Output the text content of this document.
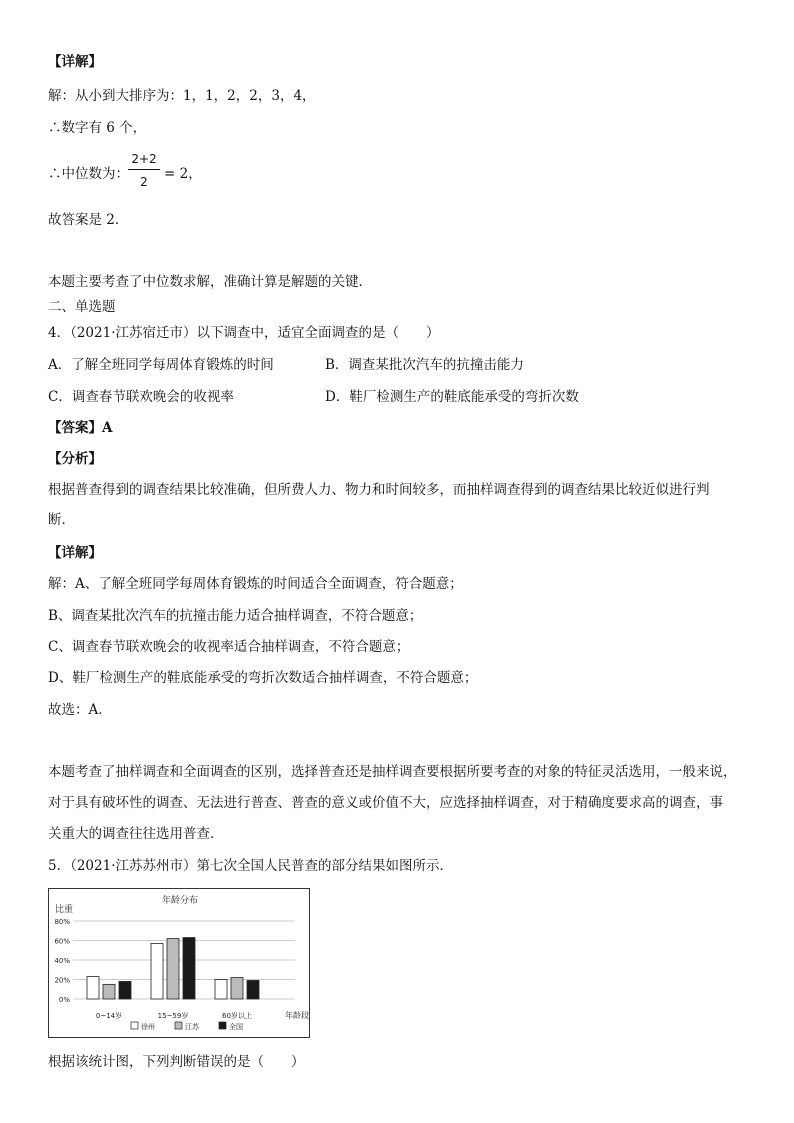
【详解】
解：从小到大排序为：1，1，2，2，3，4，
∴数字有 6 个，
∴中位数为：
2+2
2	= 2，
故答案是 2．
本题主要考查了中位数求解，准确计算是解题的关键．
二、单选题
4．（2021·江苏宿迁市）以下调查中，适宜全面调查的是（　　）
A．了解全班同学每周体育锻炼的时间	B．调查某批次汽车的抗撞击能力
C．调查春节联欢晚会的收视率	D．鞋厂检测生产的鞋底能承受的弯折次数
【答案】A
【分析】
根据普查得到的调查结果比较准确，但所费人力、物力和时间较多，而抽样调查得到的调查结果比较近似进行判
断．
【详解】
解：A、了解全班同学每周体育锻炼的时间适合全面调查，符合题意；
B、调查某批次汽车的抗撞击能力适合抽样调查，不符合题意；
C、调查春节联欢晚会的收视率适合抽样调查，不符合题意；
D、鞋厂检测生产的鞋底能承受的弯折次数适合抽样调查，不符合题意；
故选：A．
本题考查了抽样调查和全面调查的区别，选择普查还是抽样调查要根据所要考查的对象的特征灵活选用，一般来说，
对于具有破坏性的调查、无法进行普查、普查的意义或价值不大，应选择抽样调查，对于精确度要求高的调查，事
关重大的调查往往选用普查．
5．（2021·江苏苏州市）第七次全国人民普查的部分结果如图所示．
年龄分布
比重
年龄段
0%
20%
40%
60%
80%
0~14岁	15~59岁	60岁以上
徐州	江苏	全国
根据该统计图，下列判断错误的是（　　）
